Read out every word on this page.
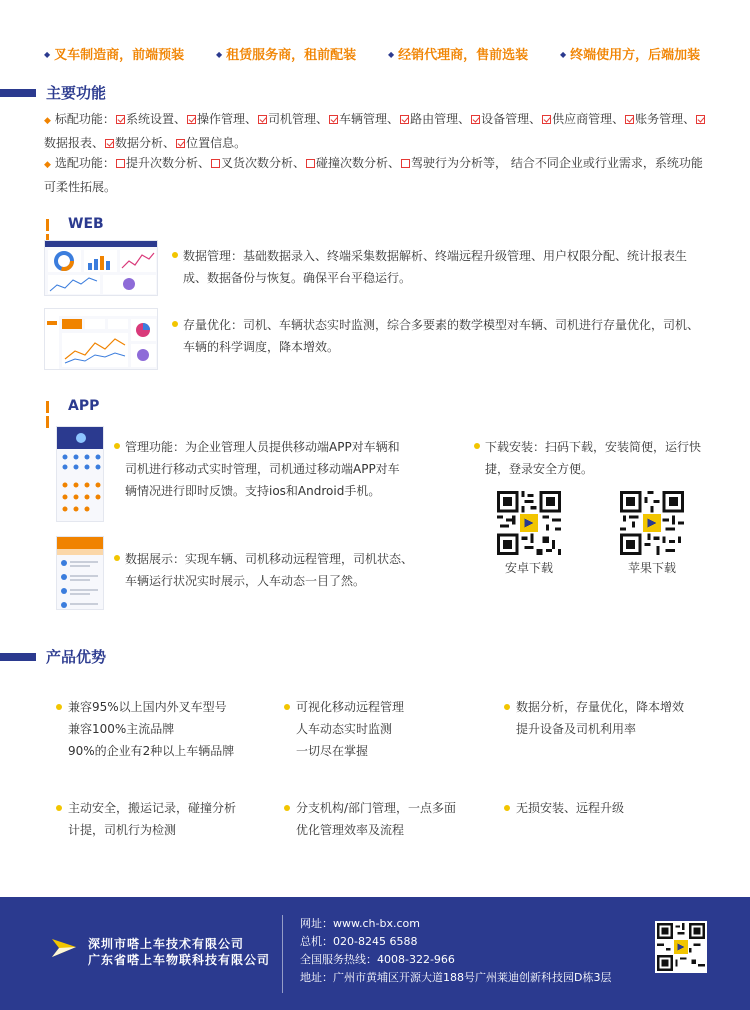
◆ 叉车制造商，前端预装	◆ 租赁服务商，租前配装	◆ 经销代理商，售前选装	◆ 终端使用方，后端加装
主要功能
◆ 标配功能： 系统设置、 操作管理、 司机管理、 车辆管理、 路由管理、 设备管理、 供应商管理、 账务管理、数据报表、 数据分析、 位置信息。
◆ 选配功能： 提升次数分析、 叉货次数分析、 碰撞次数分析、 驾驶行为分析等， 结合不同企业或行业需求，系统功能可柔性拓展。
WEB
数据管理：基础数据录入、终端采集数据解析、终端远程升级管理、用户权限分配、统计报表生
成、数据备份与恢复。确保平台平稳运行。
存量优化：司机、车辆状态实时监测，综合多要素的数学模型对车辆、司机进行存量优化，司机、
车辆的科学调度，降本增效。
APP
管理功能：为企业管理人员提供移动端APP对车辆和
司机进行移动式实时管理，司机通过移动端APP对车
辆情况进行即时反馈。支持ios和Android手机。
数据展示：实现车辆、司机移动远程管理，司机状态、
车辆运行状况实时展示，人车动态一目了然。
下载安装：扫码下载，安装简便，运行快
捷，登录安全方便。
安卓下载	苹果下载
产品优势
兼容95%以上国内外叉车型号
兼容100%主流品牌
90%的企业有2种以上车辆品牌
可视化移动远程管理
人车动态实时监测
一切尽在掌握
数据分析，存量优化，降本增效
提升设备及司机利用率
主动安全，搬运记录，碰撞分析
计提，司机行为检测
分支机构/部门管理，一点多面
优化管理效率及流程
无损安装、远程升级
深圳市嗒上车技术有限公司
广东省嗒上车物联科技有限公司
网址：www.ch-bx.com
总机：020-8245 6588
全国服务热线：4008-322-966
地址：广州市黄埔区开源大道188号广州莱迪创新科技园D栋3层
